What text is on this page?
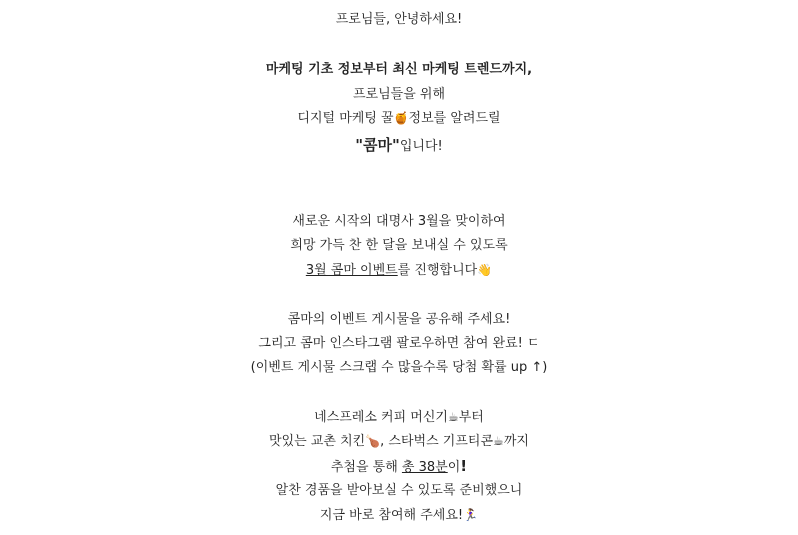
프로님들, 안녕하세요!
마케팅 기초 정보부터 최신 마케팅 트렌드까지,
프로님들을 위해
디지털 마케팅 꿀🍯정보를 알려드릴
"콤마"입니다!
새로운 시작의 대명사 3월을 맞이하여
희망 가득 찬 한 달을 보내실 수 있도록
3월 콤마 이벤트를 진행합니다👋
콤마의 이벤트 게시물을 공유해 주세요!
그리고 콤마 인스타그램 팔로우하면 참여 완료! ㄷ
(이벤트 게시물 스크랩 수 많을수록 당첨 확률 up ↑)
네스프레소 커피 머신기☕부터
맛있는 교촌 치킨🍗, 스타벅스 기프티콘☕까지
추첨을 통해 총 38분이!
알찬 경품을 받아보실 수 있도록 준비했으니
지금 바로 참여해 주세요!🏃‍♀
